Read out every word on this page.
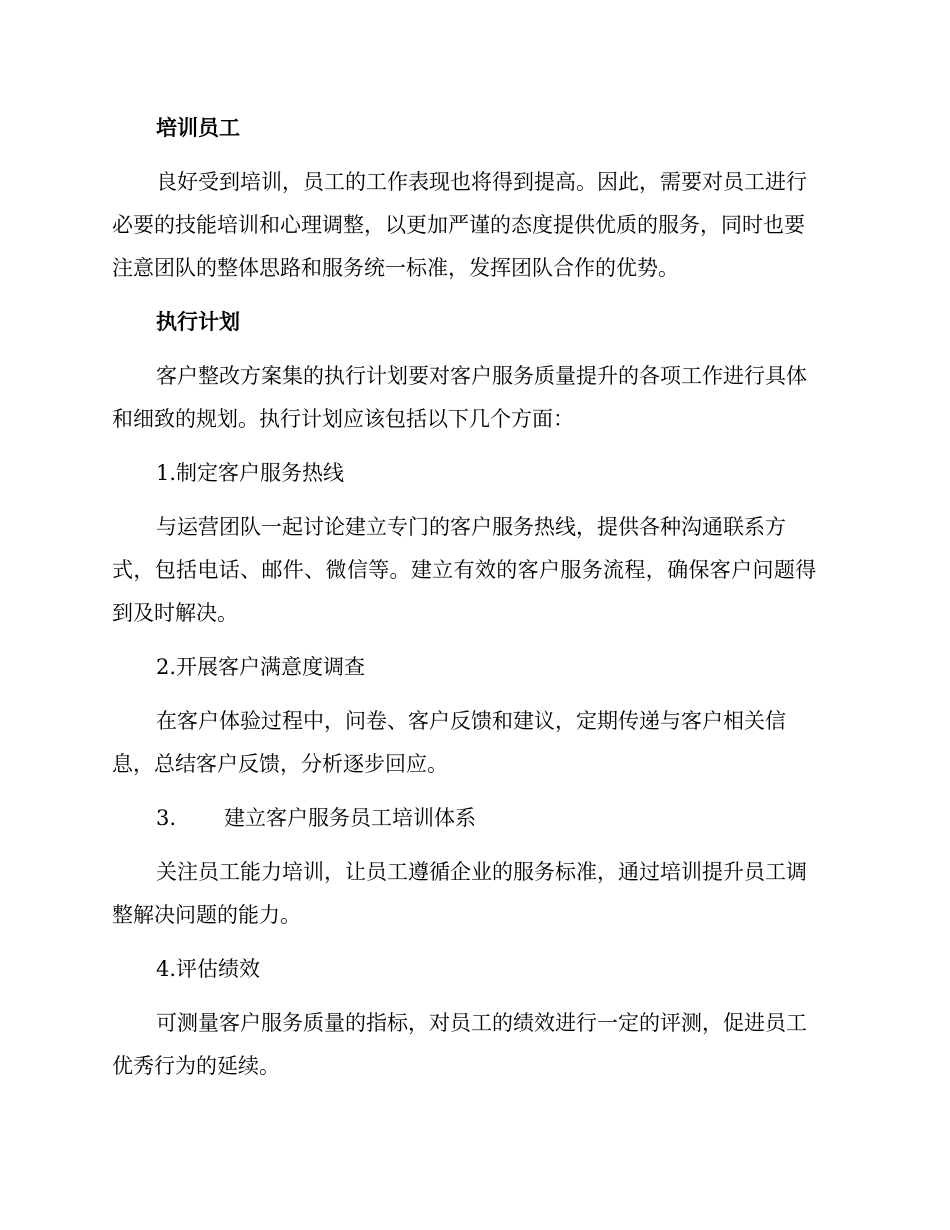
培训员工
良好受到培训，员工的工作表现也将得到提高。因此，需要对员工进行
必要的技能培训和心理调整，以更加严谨的态度提供优质的服务，同时也要
注意团队的整体思路和服务统一标准，发挥团队合作的优势。
执行计划
客户整改方案集的执行计划要对客户服务质量提升的各项工作进行具体
和细致的规划。执行计划应该包括以下几个方面：
1.制定客户服务热线
与运营团队一起讨论建立专门的客户服务热线，提供各种沟通联系方
式，包括电话、邮件、微信等。建立有效的客户服务流程，确保客户问题得
到及时解决。
2.开展客户满意度调查
在客户体验过程中，问卷、客户反馈和建议，定期传递与客户相关信
息，总结客户反馈，分析逐步回应。
3. 建立客户服务员工培训体系
关注员工能力培训，让员工遵循企业的服务标准，通过培训提升员工调
整解决问题的能力。
4.评估绩效
可测量客户服务质量的指标，对员工的绩效进行一定的评测，促进员工
优秀行为的延续。
